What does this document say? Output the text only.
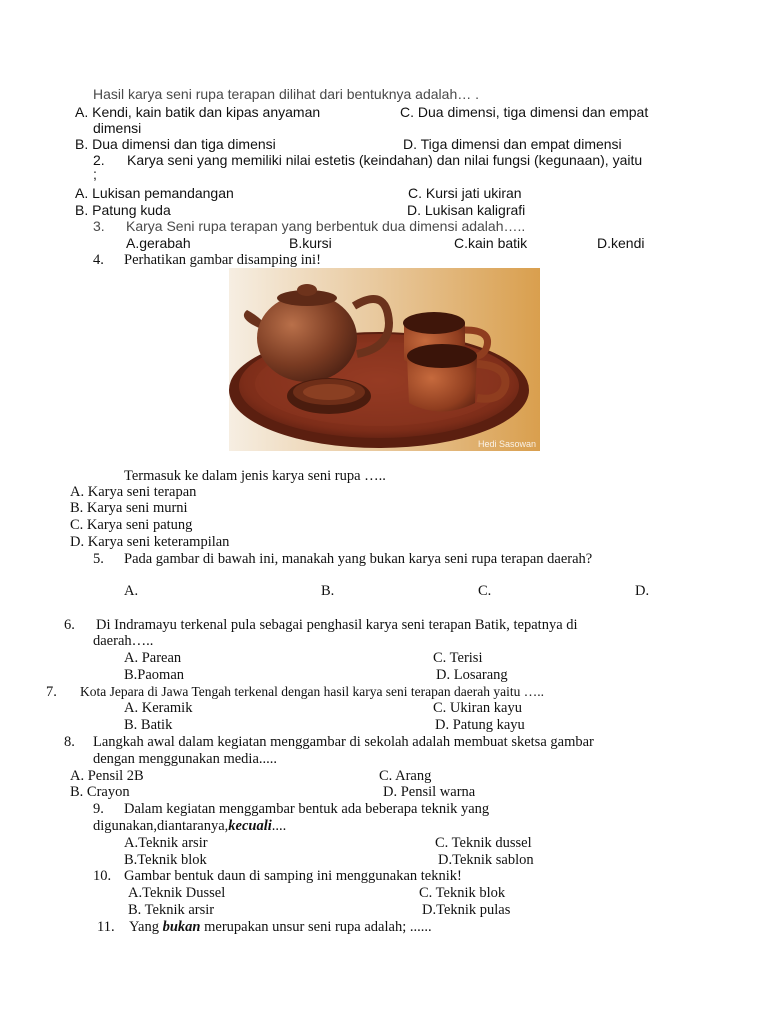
Hasil karya seni rupa terapan dilihat dari bentuknya adalah… .
A. Kendi, kain batik dan kipas anyaman	C. Dua dimensi, tiga dimensi dan empat
dimensi
B. Dua dimensi dan tiga dimensi	D. Tiga dimensi dan empat dimensi
2. Karya seni yang memiliki nilai estetis (keindahan) dan nilai fungsi (kegunaan), yaitu
;
A. Lukisan pemandangan	C. Kursi jati ukiran
B. Patung kuda	D. Lukisan kaligrafi
3. Karya Seni rupa terapan yang berbentuk dua dimensi adalah…..
A.gerabah	B.kursi	C.kain batik	D.kendi
4. Perhatikan gambar disamping ini!
Hedi Sasowan
Termasuk ke dalam jenis karya seni rupa …..
A. Karya seni terapan
B. Karya seni murni
C. Karya seni patung
D. Karya seni keterampilan
5. Pada gambar di bawah ini, manakah yang bukan karya seni rupa terapan daerah?
A.	B.	C.	D.
6. Di Indramayu terkenal pula sebagai penghasil karya seni terapan Batik, tepatnya di
daerah…..
A. Parean	C. Terisi
B.Paoman	D. Losarang
7. Kota Jepara di Jawa Tengah terkenal dengan hasil karya seni terapan daerah yaitu …..
A. Keramik	C. Ukiran kayu
B. Batik	D. Patung kayu
8. Langkah awal dalam kegiatan menggambar di sekolah adalah membuat sketsa gambar
dengan menggunakan media.....
A. Pensil 2B	C. Arang
B. Crayon	D. Pensil warna
9. Dalam kegiatan menggambar bentuk ada beberapa teknik yang
digunakan,diantaranya,kecuali....
A.Teknik arsir	C. Teknik dussel
B.Teknik blok	D.Teknik sablon
10. Gambar bentuk daun di samping ini menggunakan teknik!
A.Teknik Dussel	C. Teknik blok
B. Teknik arsir	D.Teknik pulas
11. Yang bukan merupakan unsur seni rupa adalah; ......
